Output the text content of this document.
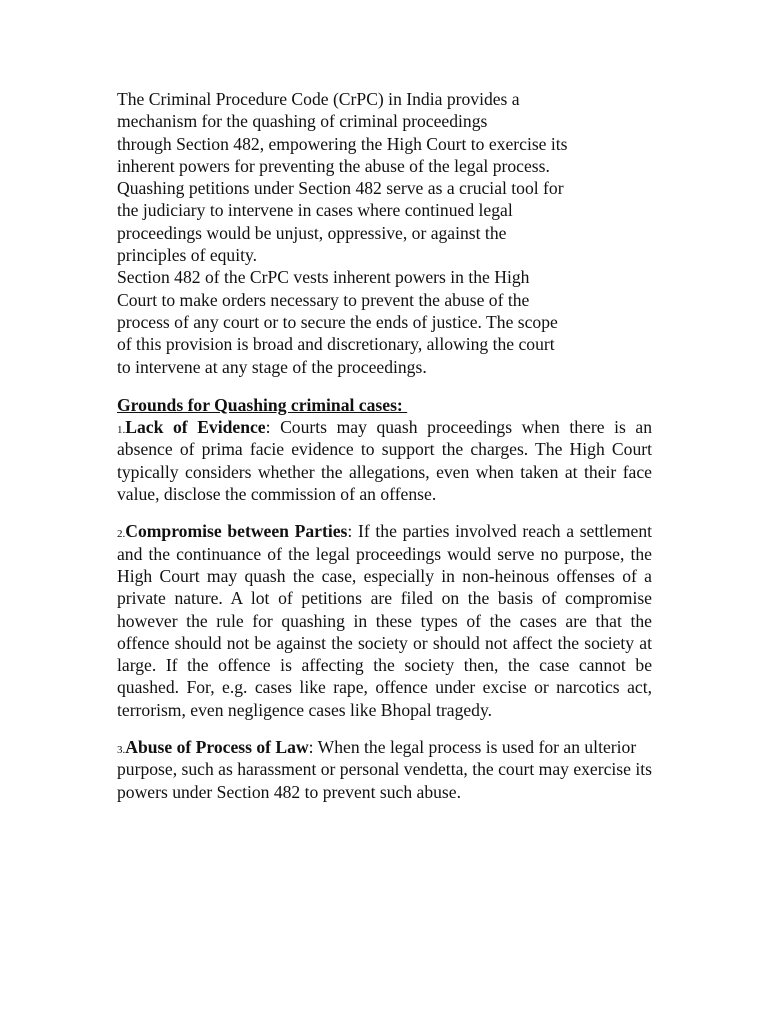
The Criminal Procedure Code (CrPC) in India provides a
mechanism for the quashing of criminal proceedings
through Section 482, empowering the High Court to exercise its
inherent powers for preventing the abuse of the legal process.
Quashing petitions under Section 482 serve as a crucial tool for
the judiciary to intervene in cases where continued legal
proceedings would be unjust, oppressive, or against the
principles of equity.

Section 482 of the CrPC vests inherent powers in the High
Court to make orders necessary to prevent the abuse of the
process of any court or to secure the ends of justice. The scope
of this provision is broad and discretionary, allowing the court
to intervene at any stage of the proceedings.

Grounds for Quashing criminal cases:

1.Lack of Evidence: Courts may quash proceedings when there is an absence of prima facie evidence to support the charges. The High Court typically considers whether the allegations, even when taken at their face value, disclose the commission of an offense.

2.Compromise between Parties: If the parties involved reach a settlement and the continuance of the legal proceedings would serve no purpose, the High Court may quash the case, especially in non-heinous offenses of a private nature. A lot of petitions are filed on the basis of compromise however the rule for quashing in these types of the cases are that the offence should not be against the society or should not affect the society at large. If the offence is affecting the society then, the case cannot be quashed. For, e.g. cases like rape, offence under excise or narcotics act, terrorism, even negligence cases like Bhopal tragedy.

3.Abuse of Process of Law: When the legal process is used for an ulterior purpose, such as harassment or personal vendetta, the court may exercise its powers under Section 482 to prevent such abuse.
